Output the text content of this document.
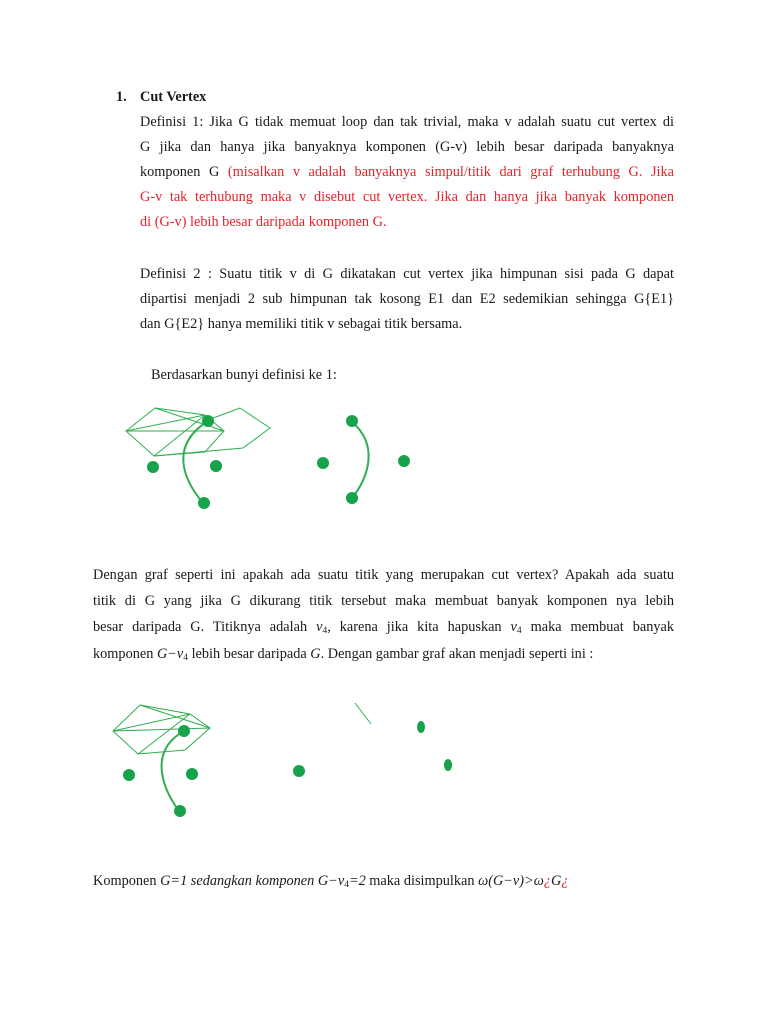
1. Cut Vertex
Definisi 1: Jika G tidak memuat loop dan tak trivial, maka v adalah suatu cut vertex di
G jika dan hanya jika banyaknya komponen (G-v) lebih besar daripada banyaknya
komponen G (misalkan v adalah banyaknya simpul/titik dari graf terhubung G. Jika
G-v tak terhubung maka v disebut cut vertex. Jika dan hanya jika banyak komponen
di (G-v) lebih besar daripada komponen G.
Definisi 2 : Suatu titik v di G dikatakan cut vertex jika himpunan sisi pada G dapat
dipartisi menjadi 2 sub himpunan tak kosong E1 dan E2 sedemikian sehingga G{E1}
dan G{E2} hanya memiliki titik v sebagai titik bersama.
Berdasarkan bunyi definisi ke 1:
Dengan graf seperti ini apakah ada suatu titik yang merupakan cut vertex? Apakah ada suatu
titik di G yang jika G dikurang titik tersebut maka membuat banyak komponen nya lebih
besar daripada G. Titiknya adalah $v_4$, karena jika kita hapuskan $v_4$ maka membuat banyak
komponen $G-v_4$ lebih besar daripada G. Dengan gambar graf akan menjadi seperti ini :
Komponen G=1 sedangkan komponen $G-v_4=2$ maka disimpulkan ω(G−v)>ω¿G¿
